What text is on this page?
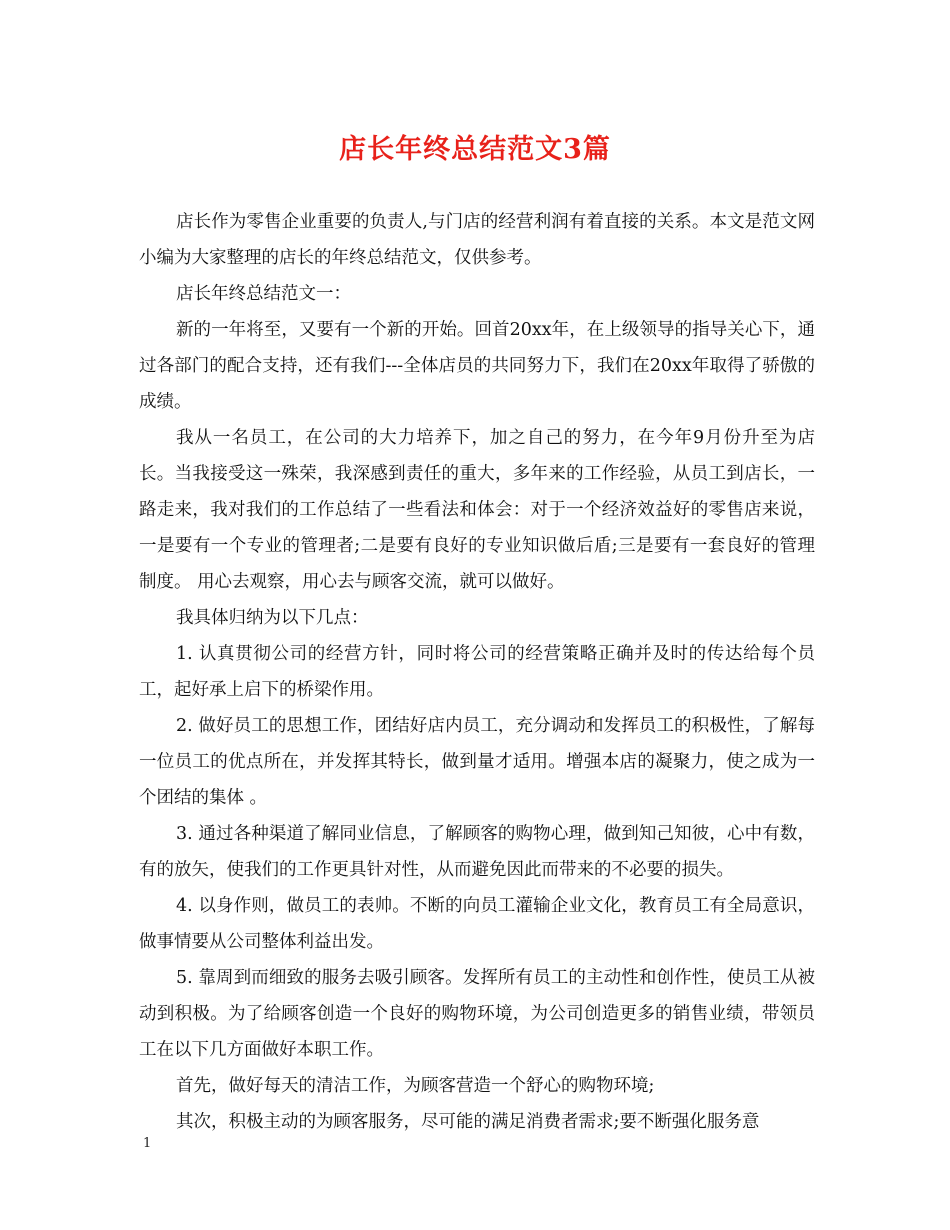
店长年终总结范文3篇

店长作为零售企业重要的负责人,与门店的经营利润有着直接的关系。本文是范文网小编为大家整理的店长的年终总结范文，仅供参考。

店长年终总结范文一：

新的一年将至，又要有一个新的开始。回首20xx年，在上级领导的指导关心下，通过各部门的配合支持，还有我们---全体店员的共同努力下，我们在20xx年取得了骄傲的成绩。

我从一名员工，在公司的大力培养下，加之自己的努力，在今年9月份升至为店长。当我接受这一殊荣，我深感到责任的重大，多年来的工作经验，从员工到店长，一路走来，我对我们的工作总结了一些看法和体会：对于一个经济效益好的零售店来说，一是要有一个专业的管理者;二是要有良好的专业知识做后盾;三是要有一套良好的管理制度。 用心去观察，用心去与顾客交流，就可以做好。

我具体归纳为以下几点：

1. 认真贯彻公司的经营方针，同时将公司的经营策略正确并及时的传达给每个员工，起好承上启下的桥梁作用。

2. 做好员工的思想工作，团结好店内员工，充分调动和发挥员工的积极性，了解每一位员工的优点所在，并发挥其特长，做到量才适用。增强本店的凝聚力，使之成为一个团结的集体 。

3. 通过各种渠道了解同业信息，了解顾客的购物心理，做到知己知彼，心中有数，有的放矢，使我们的工作更具针对性，从而避免因此而带来的不必要的损失。

4. 以身作则，做员工的表帅。不断的向员工灌输企业文化，教育员工有全局意识，做事情要从公司整体利益出发。

5. 靠周到而细致的服务去吸引顾客。发挥所有员工的主动性和创作性，使员工从被动到积极。为了给顾客创造一个良好的购物环境，为公司创造更多的销售业绩，带领员工在以下几方面做好本职工作。

首先，做好每天的清洁工作，为顾客营造一个舒心的购物环境;

其次，积极主动的为顾客服务，尽可能的满足消费者需求;要不断强化服务意

1
